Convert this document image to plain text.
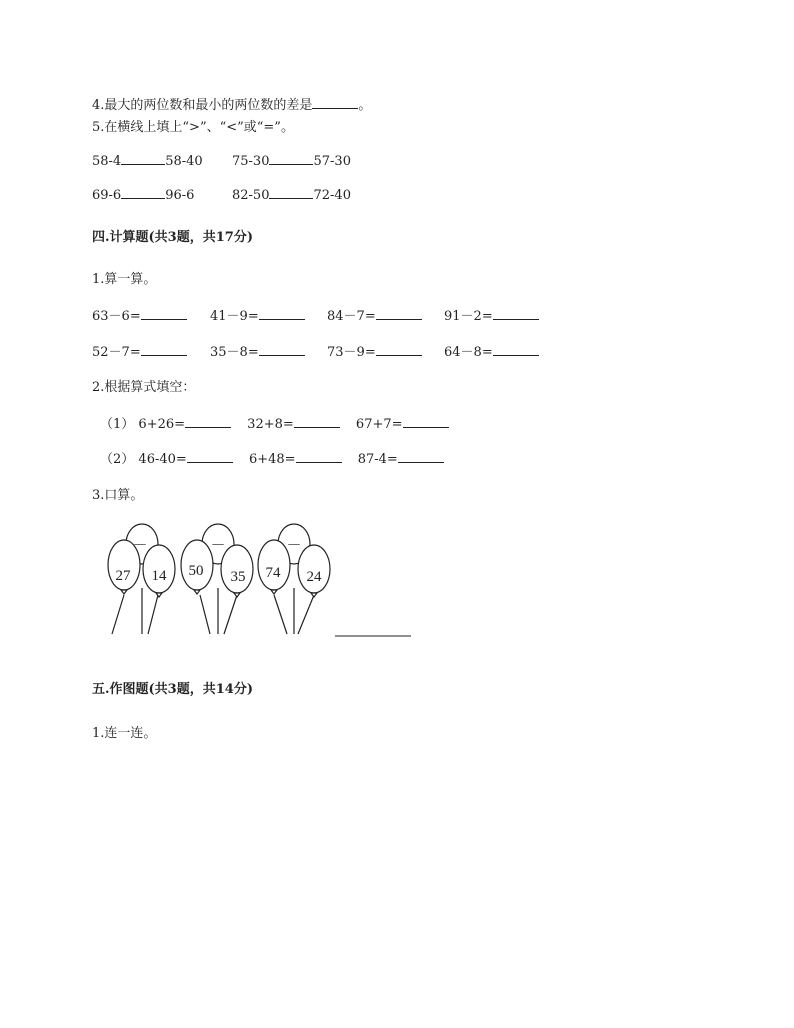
4.最大的两位数和最小的两位数的差是	。
5.在横线上填上“>”、“<”或“=”。
58-4	58-40 75-30	57-30
69-6	96-6	82-50	72-40
四.计算题(共3题，共17分)
1.算一算。
63－6=	41－9=	84－7=	91－2=
52－7=	35－8=	73－9=	64－8=
2.根据算式填空：
（1） 6+26=	32+8=	67+7=
（2） 46-40=	6+48=	87-4=
3.口算。
－
27 14
－
50 35
－
74 24
五.作图题(共3题，共14分)
1.连一连。
